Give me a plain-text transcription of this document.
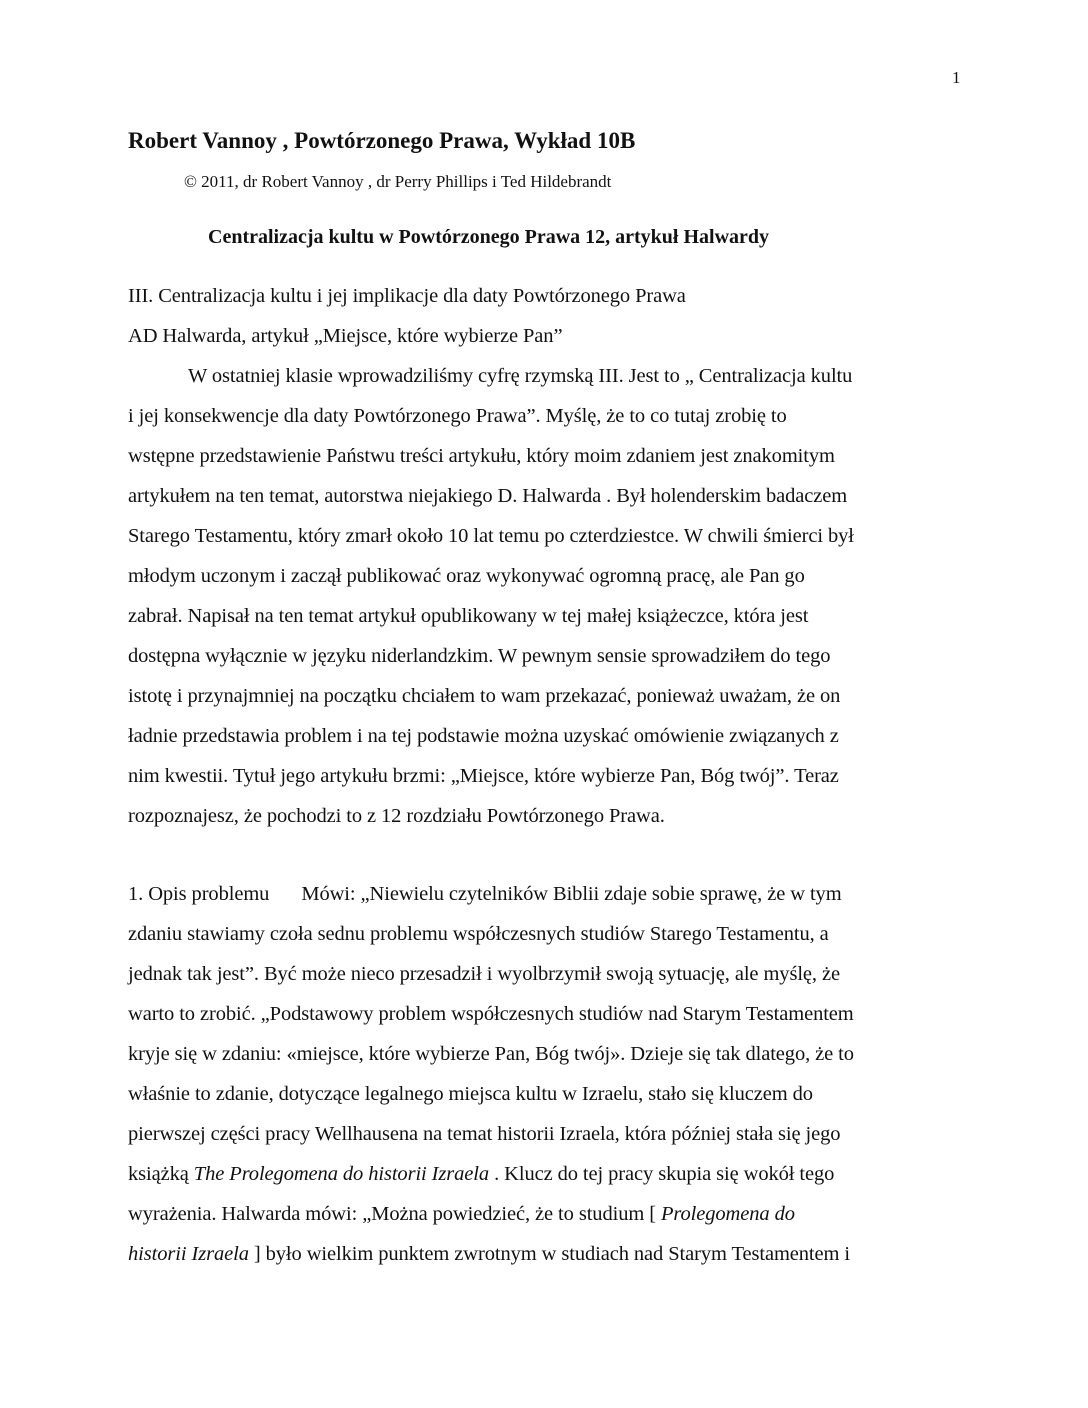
1
Robert Vannoy , Powtórzonego Prawa, Wykład 10B
© 2011, dr Robert Vannoy , dr Perry Phillips i Ted Hildebrandt
Centralizacja kultu w Powtórzonego Prawa 12, artykuł Halwardy
III. Centralizacja kultu i jej implikacje dla daty Powtórzonego Prawa
AD Halwarda, artykuł „Miejsce, które wybierze Pan”
W ostatniej klasie wprowadziliśmy cyfrę rzymską III. Jest to „ Centralizacja kultu
i jej konsekwencje dla daty Powtórzonego Prawa”. Myślę, że to co tutaj zrobię to
wstępne przedstawienie Państwu treści artykułu, który moim zdaniem jest znakomitym
artykułem na ten temat, autorstwa niejakiego D. Halwarda . Był holenderskim badaczem
Starego Testamentu, który zmarł około 10 lat temu po czterdziestce. W chwili śmierci był
młodym uczonym i zaczął publikować oraz wykonywać ogromną pracę, ale Pan go
zabrał. Napisał na ten temat artykuł opublikowany w tej małej książeczce, która jest
dostępna wyłącznie w języku niderlandzkim. W pewnym sensie sprowadziłem do tego
istotę i przynajmniej na początku chciałem to wam przekazać, ponieważ uważam, że on
ładnie przedstawia problem i na tej podstawie można uzyskać omówienie związanych z
nim kwestii. Tytuł jego artykułu brzmi: „Miejsce, które wybierze Pan, Bóg twój”. Teraz
rozpoznajesz, że pochodzi to z 12 rozdziału Powtórzonego Prawa.
1. Opis problemu Mówi: „Niewielu czytelników Biblii zdaje sobie sprawę, że w tym
zdaniu stawiamy czoła sednu problemu współczesnych studiów Starego Testamentu, a
jednak tak jest”. Być może nieco przesadził i wyolbrzymił swoją sytuację, ale myślę, że
warto to zrobić. „Podstawowy problem współczesnych studiów nad Starym Testamentem
kryje się w zdaniu: «miejsce, które wybierze Pan, Bóg twój». Dzieje się tak dlatego, że to
właśnie to zdanie, dotyczące legalnego miejsca kultu w Izraelu, stało się kluczem do
pierwszej części pracy Wellhausena na temat historii Izraela, która później stała się jego
książką The Prolegomena do historii Izraela . Klucz do tej pracy skupia się wokół tego
wyrażenia. Halwarda mówi: „Można powiedzieć, że to studium [ Prolegomena do
historii Izraela ] było wielkim punktem zwrotnym w studiach nad Starym Testamentem i
